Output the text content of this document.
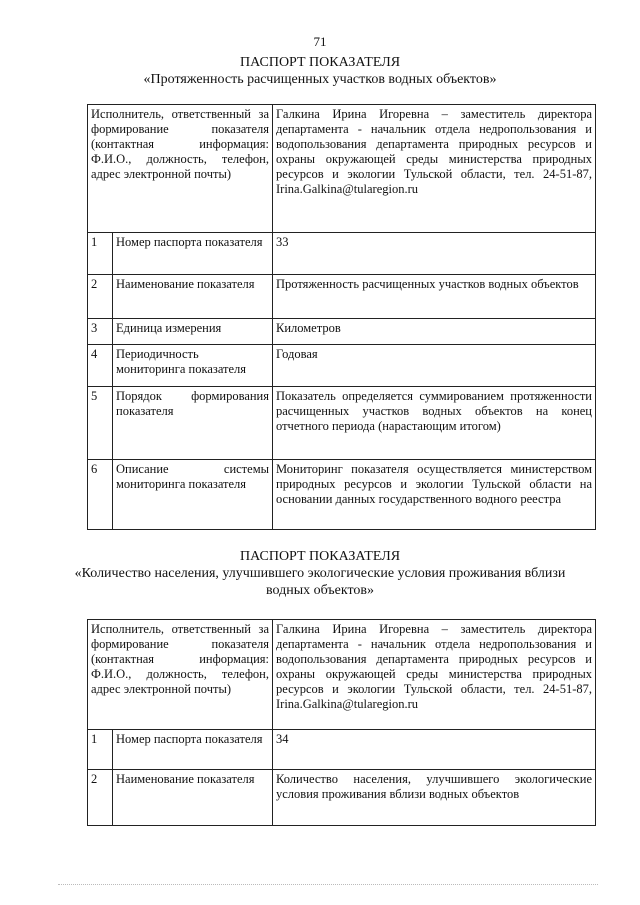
71
ПАСПОРТ ПОКАЗАТЕЛЯ
«Протяженность расчищенных участков водных объектов»
Исполнитель, ответственный за формирование показателя (контактная информация: Ф.И.О., должность, телефон, адрес электронной почты)		Галкина Ирина Игоревна – заместитель директора департамента - начальник отдела недропользования и водопользования департамента природных ресурсов и охраны окружающей среды министерства природных ресурсов и экологии Тульской области, тел. 24-51-87, Irina.Galkina@tularegion.ru
1	Номер паспорта показателя	33
2	Наименование показателя	Протяженность расчищенных участков водных объектов
3	Единица измерения	Километров
4	Периодичность мониторинга показателя	Годовая
5	Порядок формирования показателя	Показатель определяется суммированием протяженности расчищенных участков водных объектов на конец отчетного периода (нарастающим итогом)
6	Описание системы мониторинга показателя	Мониторинг показателя осуществляется министерством природных ресурсов и экологии Тульской области на основании данных государственного водного реестра
ПАСПОРТ ПОКАЗАТЕЛЯ
«Количество населения, улучшившего экологические условия проживания вблизи водных объектов»
Исполнитель, ответственный за формирование показателя (контактная информация: Ф.И.О., должность, телефон, адрес электронной почты)		Галкина Ирина Игоревна – заместитель директора департамента - начальник отдела недропользования и водопользования департамента природных ресурсов и охраны окружающей среды министерства природных ресурсов и экологии Тульской области, тел. 24-51-87, Irina.Galkina@tularegion.ru
1	Номер паспорта показателя	34
2	Наименование показателя	Количество населения, улучшившего экологические условия проживания вблизи водных объектов
